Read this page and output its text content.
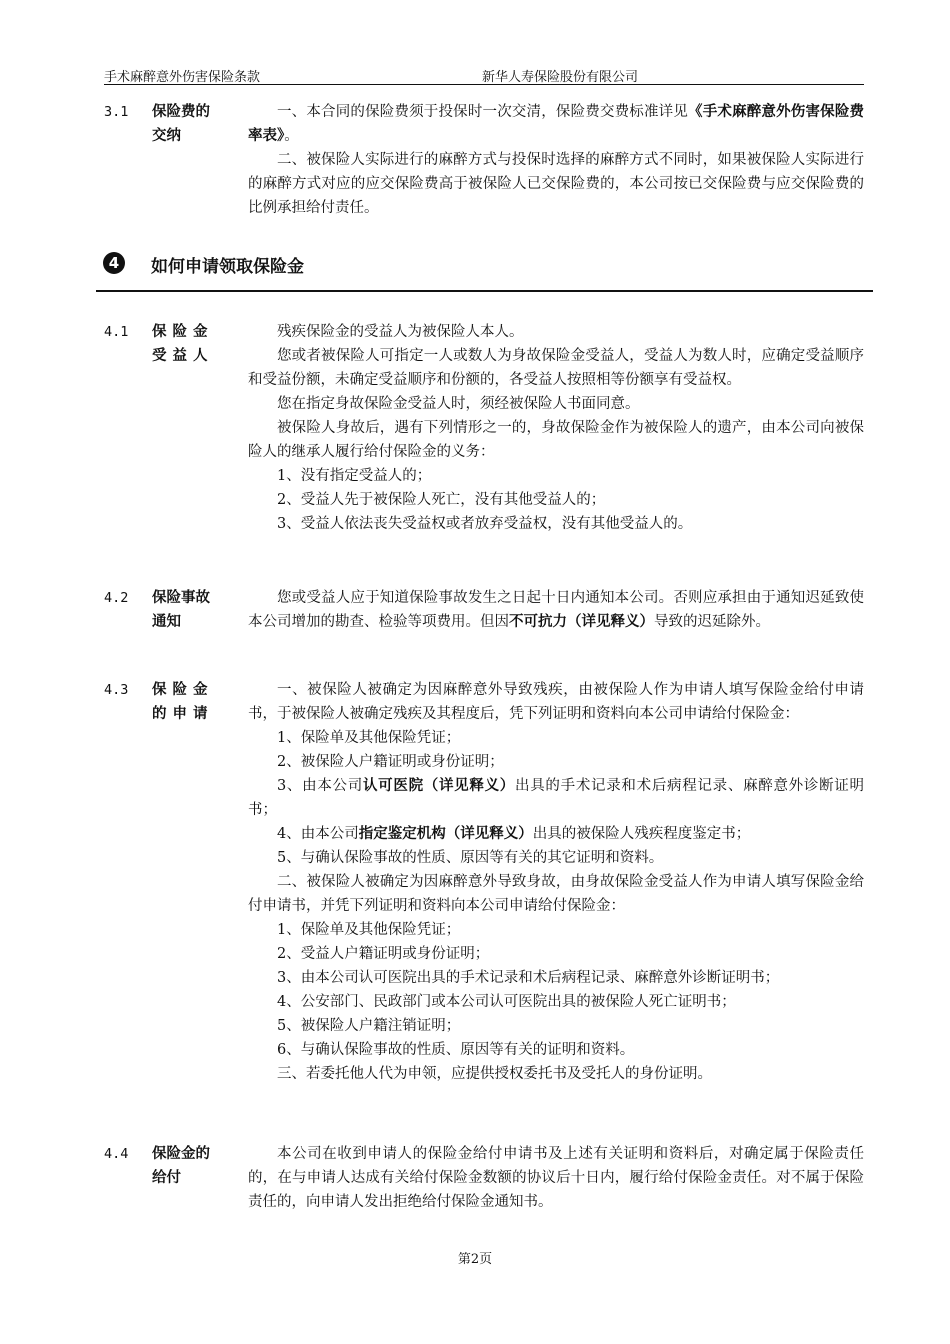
手术麻醉意外伤害保险条款	新华人寿保险股份有限公司
3.1 保险费的交纳

一、本合同的保险费须于投保时一次交清，保险费交费标准详见《手术麻醉意外伤害保险费率表》。

二、被保险人实际进行的麻醉方式与投保时选择的麻醉方式不同时，如果被保险人实际进行的麻醉方式对应的应交保险费高于被保险人已交保险费的，本公司按已交保险费与应交保险费的比例承担给付责任。

4	如何申请领取保险金
4.1 保险金受益人

残疾保险金的受益人为被保险人本人。

您或者被保险人可指定一人或数人为身故保险金受益人，受益人为数人时，应确定受益顺序和受益份额，未确定受益顺序和份额的，各受益人按照相等份额享有受益权。

您在指定身故保险金受益人时，须经被保险人书面同意。

被保险人身故后，遇有下列情形之一的，身故保险金作为被保险人的遗产，由本公司向被保险人的继承人履行给付保险金的义务：

1、没有指定受益人的；

2、受益人先于被保险人死亡，没有其他受益人的；

3、受益人依法丧失受益权或者放弃受益权，没有其他受益人的。

4.2 保险事故通知

您或受益人应于知道保险事故发生之日起十日内通知本公司。否则应承担由于通知迟延致使本公司增加的勘查、检验等项费用。但因不可抗力（详见释义）导致的迟延除外。

4.3 保险金的申请

一、被保险人被确定为因麻醉意外导致残疾，由被保险人作为申请人填写保险金给付申请书，于被保险人被确定残疾及其程度后，凭下列证明和资料向本公司申请给付保险金：

1、保险单及其他保险凭证；

2、被保险人户籍证明或身份证明；

3、由本公司认可医院（详见释义）出具的手术记录和术后病程记录、麻醉意外诊断证明书；

4、由本公司指定鉴定机构（详见释义）出具的被保险人残疾程度鉴定书；

5、与确认保险事故的性质、原因等有关的其它证明和资料。

二、被保险人被确定为因麻醉意外导致身故，由身故保险金受益人作为申请人填写保险金给付申请书，并凭下列证明和资料向本公司申请给付保险金：

1、保险单及其他保险凭证；

2、受益人户籍证明或身份证明；

3、由本公司认可医院出具的手术记录和术后病程记录、麻醉意外诊断证明书；

4、公安部门、民政部门或本公司认可医院出具的被保险人死亡证明书；

5、被保险人户籍注销证明；

6、与确认保险事故的性质、原因等有关的证明和资料。

三、若委托他人代为申领，应提供授权委托书及受托人的身份证明。

4.4 保险金的给付

本公司在收到申请人的保险金给付申请书及上述有关证明和资料后，对确定属于保险责任的，在与申请人达成有关给付保险金数额的协议后十日内，履行给付保险金责任。对不属于保险责任的，向申请人发出拒绝给付保险金通知书。

第2页
